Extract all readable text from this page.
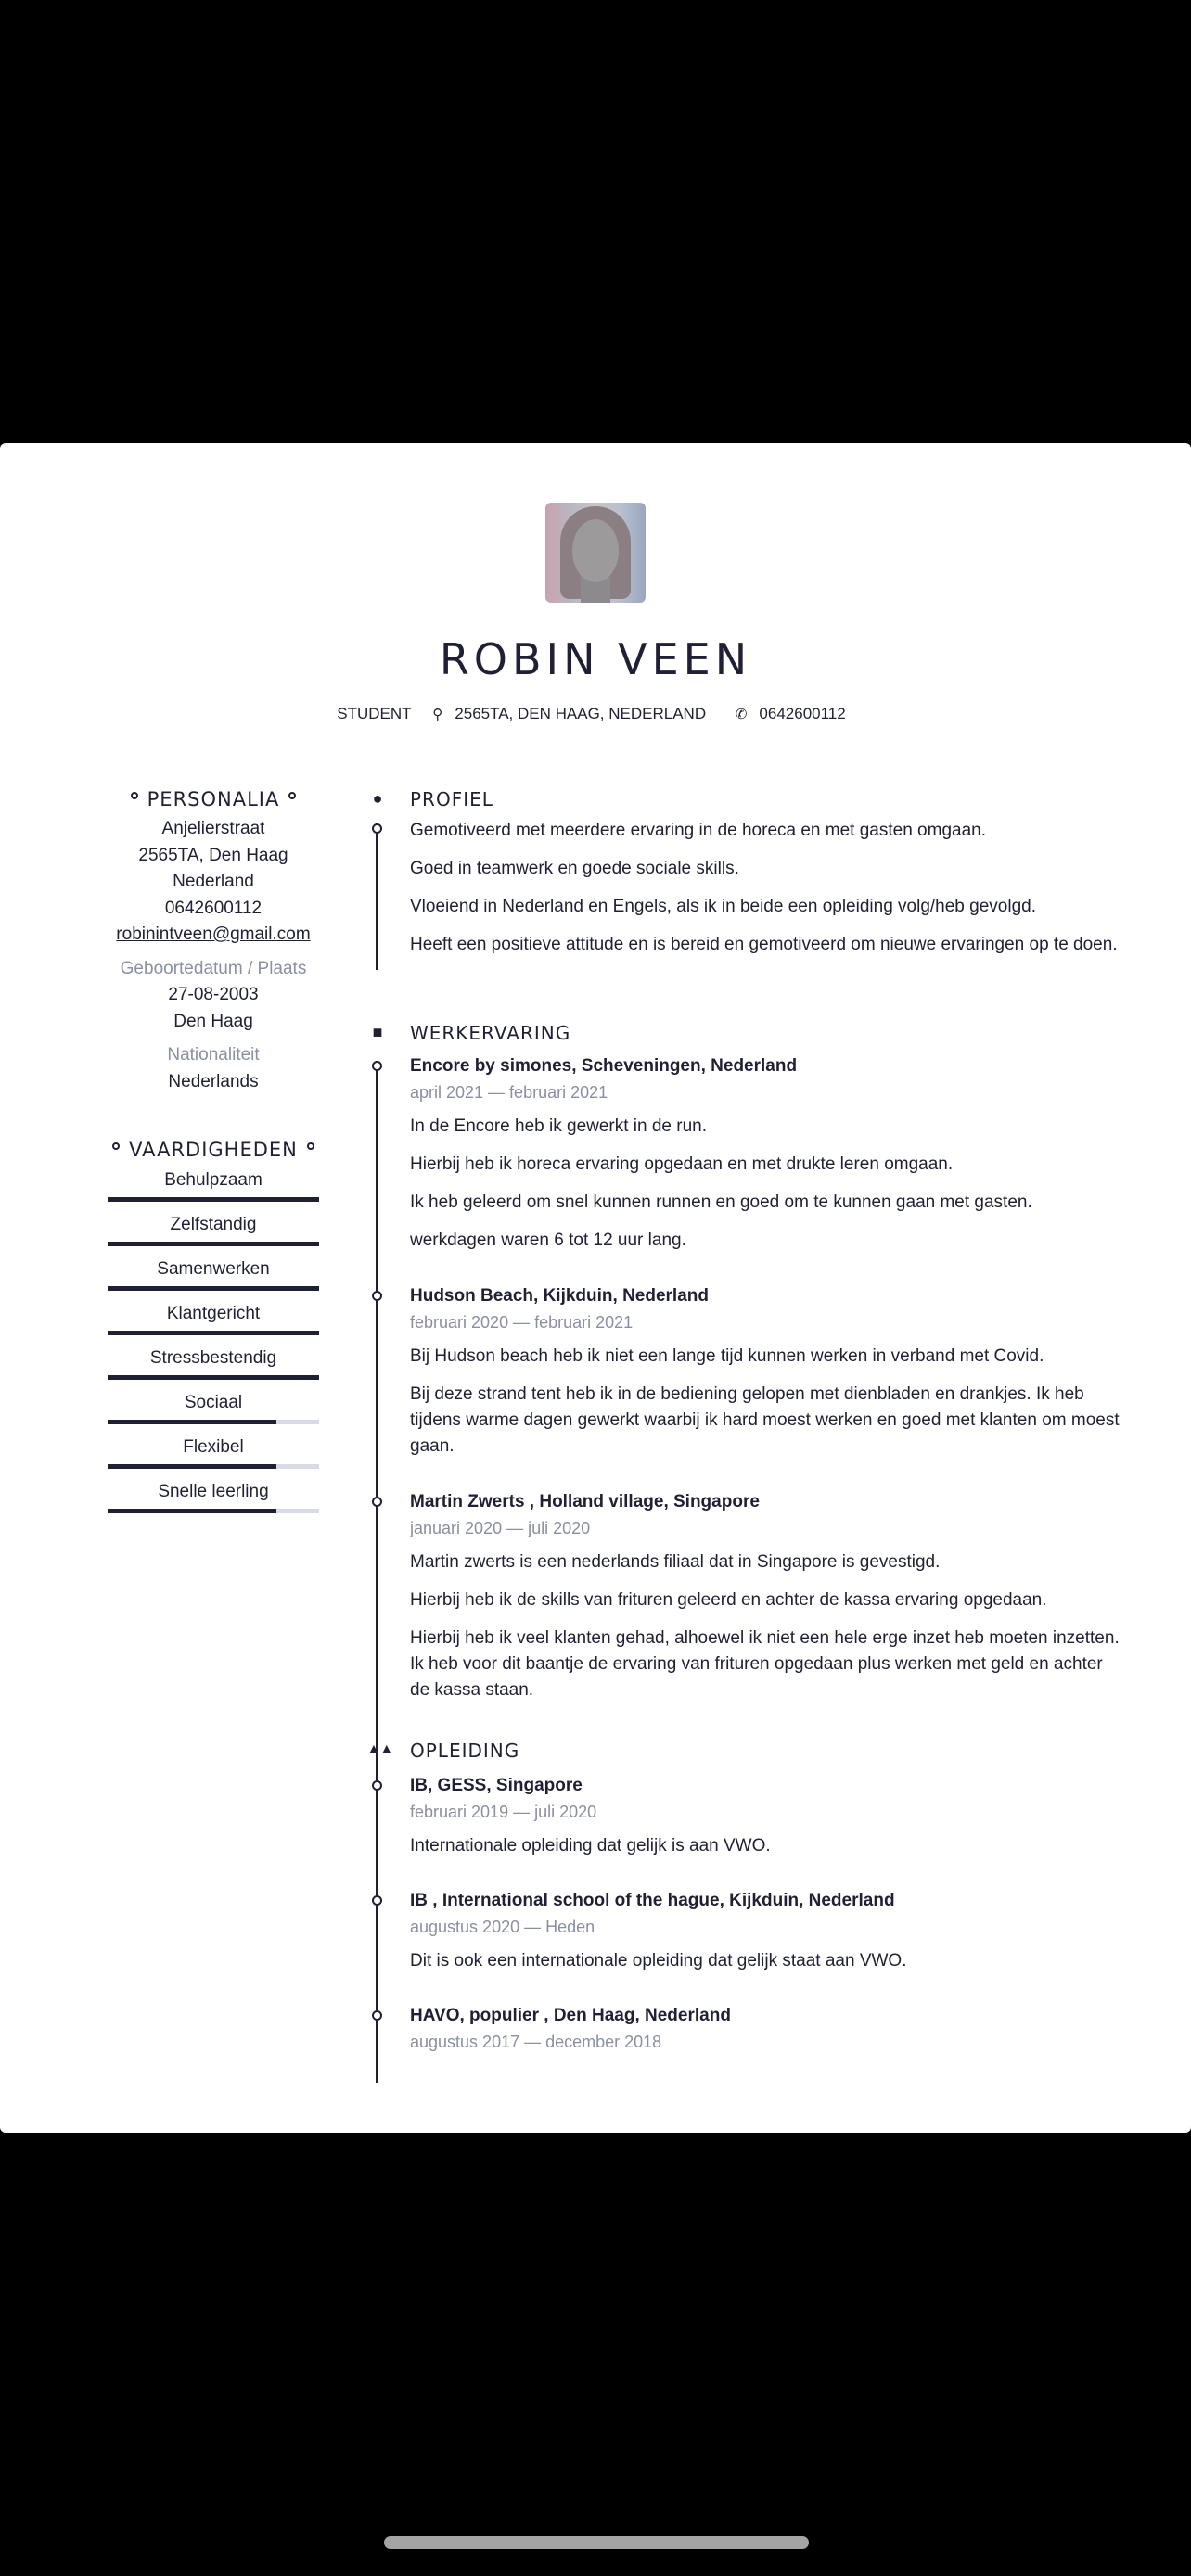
ROBIN VEEN
STUDENT ⚲ 2565TA, DEN HAAG, NEDERLAND ✆ 0642600112
PERSONALIA

Anjelierstraat

2565TA, Den Haag

Nederland

0642600112

robinintveen@gmail.com

Geboortedatum / Plaats

27-08-2003

Den Haag

Nationaliteit

Nederlands

VAARDIGHEDEN
Behulpzaam
Zelfstandig
Samenwerken
Klantgericht
Stressbestendig
Sociaal
Flexibel
Snelle leerling
● PROFIEL

Gemotiveerd met meerdere ervaring in de horeca en met gasten omgaan.

Goed in teamwerk en goede sociale skills.

Vloeiend in Nederland en Engels, als ik in beide een opleiding volg/heb gevolgd.

Heeft een positieve attitude en is bereid en gemotiveerd om nieuwe ervaringen op te doen.

■ WERKERVARING
Encore by simones, Scheveningen, Nederland
april 2021 — februari 2021

In de Encore heb ik gewerkt in de run.

Hierbij heb ik horeca ervaring opgedaan en met drukte leren omgaan.

Ik heb geleerd om snel kunnen runnen en goed om te kunnen gaan met gasten.

werkdagen waren 6 tot 12 uur lang.

Hudson Beach, Kijkduin, Nederland
februari 2020 — februari 2021

Bij Hudson beach heb ik niet een lange tijd kunnen werken in verband met Covid.

Bij deze strand tent heb ik in de bediening gelopen met dienbladen en drankjes. Ik heb tijdens warme dagen gewerkt waarbij ik hard moest werken en goed met klanten om moest gaan.

Martin Zwerts , Holland village, Singapore
januari 2020 — juli 2020

Martin zwerts is een nederlands filiaal dat in Singapore is gevestigd.

Hierbij heb ik de skills van frituren geleerd en achter de kassa ervaring opgedaan.

Hierbij heb ik veel klanten gehad, alhoewel ik niet een hele erge inzet heb moeten inzetten. Ik heb voor dit baantje de ervaring van frituren opgedaan plus werken met geld en achter de kassa staan.

▲▲ OPLEIDING
IB, GESS, Singapore
februari 2019 — juli 2020

Internationale opleiding dat gelijk is aan VWO.

IB , International school of the hague, Kijkduin, Nederland
augustus 2020 — Heden

Dit is ook een internationale opleiding dat gelijk staat aan VWO.

HAVO, populier , Den Haag, Nederland
augustus 2017 — december 2018
